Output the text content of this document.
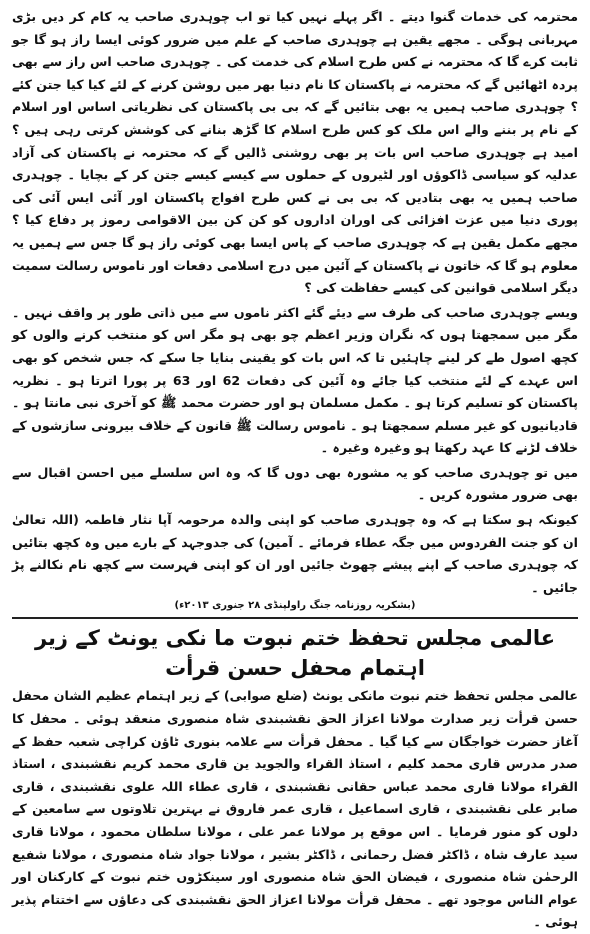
محترمہ کی خدمات گنوا دیتے ۔ اگر پہلے نہیں کیا تو اب چوہدری صاحب یہ کام کر دیں بڑی مہربانی ہوگی ۔ مجھے یقین ہے چوہدری صاحب کے علم میں ضرور کوئی ایسا راز ہو گا جو ثابت کرے گا کہ محترمہ نے کس طرح اسلام کی خدمت کی ۔ چوہدری صاحب اس راز سے بھی پردہ اٹھائیں گے کہ محترمہ نے پاکستان کا نام دنیا بھر میں روشن کرنے کے لئے کیا کیا جتن کئے ؟ چوہدری صاحب ہمیں یہ بھی بتائیں گے کہ بی بی پاکستان کی نظریاتی اساس اور اسلام کے نام پر بننے والے اس ملک کو کس طرح اسلام کا گڑھ بنانے کی کوشش کرتی رہی ہیں ؟ امید ہے چوہدری صاحب اس بات پر بھی روشنی ڈالیں گے کہ محترمہ نے پاکستان کی آزاد عدلیہ کو سیاسی ڈاکوؤں اور لٹیروں کے حملوں سے کیسے کیسے جتن کر کے بچایا ۔ چوہدری صاحب ہمیں یہ بھی بتادیں کہ بی بی نے کس طرح افواج پاکستان اور آئی ایس آئی کی پوری دنیا میں عزت افزائی کی اوران اداروں کو کن کن بین الاقوامی رموز پر دفاع کیا ؟ مجھے مکمل یقین ہے کہ چوہدری صاحب کے پاس ایسا بھی کوئی راز ہو گا جس سے ہمیں یہ معلوم ہو گا کہ خاتون نے پاکستان کے آئین میں درج اسلامی دفعات اور ناموس رسالت سمیت دیگر اسلامی قوانین کی کیسے حفاظت کی ؟

ویسے چوہدری صاحب کی طرف سے دیئے گئے اکثر ناموں سے میں ذاتی طور پر واقف نہیں ۔ مگر میں سمجھتا ہوں کہ نگران وزیر اعظم چو بھی ہو مگر اس کو منتخب کرنے والوں کو کچھ اصول طے کر لینے چاہئیں تا کہ اس بات کو یقینی بنایا جا سکے کہ جس شخص کو بھی اس عہدے کے لئے منتخب کیا جائے وہ آئین کی دفعات 62 اور 63 پر پورا اترتا ہو ۔ نظریہ پاکستان کو تسلیم کرتا ہو ۔ مکمل مسلمان ہو اور حضرت محمد ﷺ کو آخری نبی مانتا ہو ۔ قادیانیوں کو غیر مسلم سمجھتا ہو ۔ ناموس رسالت ﷺ قانون کے خلاف بیرونی سازشوں کے خلاف لڑنے کا عہد رکھتا ہو وغیرہ وغیرہ ۔

میں تو چوہدری صاحب کو یہ مشورہ بھی دوں گا کہ وہ اس سلسلے میں احسن اقبال سے بھی ضرور مشورہ کریں ۔

کیونکہ ہو سکتا ہے کہ وہ چوہدری صاحب کو اپنی والدہ مرحومہ آپا نثار فاطمہ (اللہ تعالیٰ ان کو جنت الفردوس میں جگہ عطاء فرمائے ۔ آمین) کی جدوجہد کے بارے میں وہ کچھ بتائیں کہ چوہدری صاحب کے اپنے پیشے چھوٹ جائیں اور ان کو اپنی فہرست سے کچھ نام نکالنے پڑ جائیں ۔

(بشکریہ روزنامہ جنگ راولپنڈی ۲۸ جنوری ۲۰۱۳ء)
عالمی مجلس تحفظ ختم نبوت ما نکی یونٹ کے زیر اہتمام محفل حسن قرأت

عالمی مجلس تحفظ ختم نبوت مانکی یونٹ (ضلع صوابی) کے زیر اہتمام عظیم الشان محفل حسن قرأت زیر صدارت مولانا اعزاز الحق نقشبندی شاہ منصوری منعقد ہوئی ۔ محفل کا آغاز حضرت خواجگان سے کیا گیا ۔ محفل قرأت سے علامہ بنوری ٹاؤن کراچی شعبہ حفظ کے صدر مدرس قاری محمد کلیم ، استاذ القراء والجوید ین قاری محمد کریم نقشبندی ، استاذ القراء مولانا قاری محمد عباس حقانی نقشبندی ، قاری عطاء اللہ علوی نقشبندی ، قاری صابر علی نقشبندی ، قاری اسماعیل ، قاری عمر فاروق نے بہترین تلاوتوں سے سامعین کے دلوں کو منور فرمایا ۔ اس موقع پر مولانا عمر علی ، مولانا سلطان محمود ، مولانا قاری سید عارف شاہ ، ڈاکٹر فضل رحمانی ، ڈاکٹر بشیر ، مولانا جواد شاہ منصوری ، مولانا شفیع الرحمٰن شاہ منصوری ، فیضان الحق شاہ منصوری اور سینکڑوں ختم نبوت کے کارکنان اور عوام الناس موجود تھے ۔ محفل قرأت مولانا اعزاز الحق نقشبندی کی دعاؤں سے اختتام پذیر ہوئی ۔
